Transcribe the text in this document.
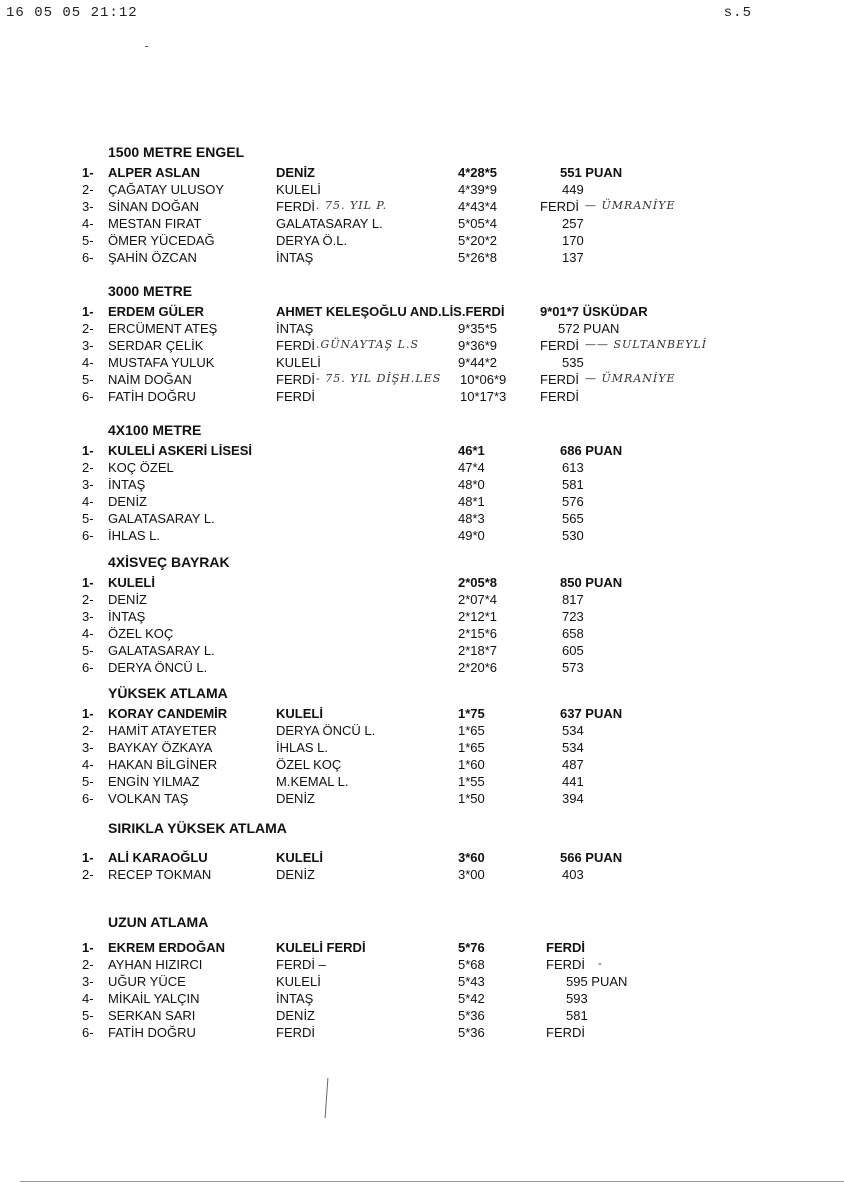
16 05 05 21:12	s.5
1500 METRE ENGEL
1- ALPER ASLAN	DENİZ	4*28*5	551 PUAN
2- ÇAĞATAY ULUSOY	KULELİ	4*39*9	449
3- SİNAN DOĞAN	FERDİ . 75. YIL P.	4*43*4	FERDİ — ÜMRANİYE
4- MESTAN FIRAT	GALATASARAY L.	5*05*4	257
5- ÖMER YÜCEDAĞ	DERYA Ö.L.	5*20*2	170
6- ŞAHİN ÖZCAN	İNTAŞ	5*26*8	137
3000 METRE
1- ERDEM GÜLER	AHMET KELEŞOĞLU AND.LİS.FERDİ	9*01*7 ÜSKÜDAR
2- ERCÜMENT ATEŞ	İNTAŞ	9*35*5	572 PUAN
3- SERDAR ÇELİK	FERDİ .GÜNAYTAŞ L.S	9*36*9	FERDİ —— SULTANBEYLİ
4- MUSTAFA YULUK	KULELİ	9*44*2	535
5- NAİM DOĞAN	FERDİ - 75. YIL DİŞH.LES 10*06*9	FERDİ — ÜMRANİYE
6- FATİH DOĞRU	FERDİ	10*17*3	FERDİ
4X100 METRE
1- KULELİ ASKERİ LİSESİ	46*1	686 PUAN
2- KOÇ ÖZEL	47*4	613
3- İNTAŞ	48*0	581
4- DENİZ	48*1	576
5- GALATASARAY L.	48*3	565
6- İHLAS L.	49*0	530
4XİSVEÇ BAYRAK
1- KULELİ	2*05*8	850 PUAN
2- DENİZ	2*07*4	817
3- İNTAŞ	2*12*1	723
4- ÖZEL KOÇ	2*15*6	658
5- GALATASARAY L.	2*18*7	605
6- DERYA ÖNCÜ L.	2*20*6	573
YÜKSEK ATLAMA
1- KORAY CANDEMİR	KULELİ	1*75	637 PUAN
2- HAMİT ATAYETER	DERYA ÖNCÜ L.	1*65	534
3- BAYKAY ÖZKAYA	İHLAS L.	1*65	534
4- HAKAN BİLGİNER	ÖZEL KOÇ	1*60	487
5- ENGİN YILMAZ	M.KEMAL L.	1*55	441
6- VOLKAN TAŞ	DENİZ	1*50	394
SIRIKLA YÜKSEK ATLAMA
1- ALİ KARAOĞLU	KULELİ	3*60	566 PUAN
2- RECEP TOKMAN	DENİZ	3*00	403
UZUN ATLAMA
1- EKREM ERDOĞAN	KULELİ FERDİ	5*76	FERDİ
2- AYHAN HIZIRCI	FERDİ –	5*68	FERDİ -
3- UĞUR YÜCE	KULELİ	5*43	595 PUAN
4- MİKAİL YALÇIN	İNTAŞ	5*42	593
5- SERKAN SARI	DENİZ	5*36	581
6- FATİH DOĞRU	FERDİ	5*36	FERDİ
